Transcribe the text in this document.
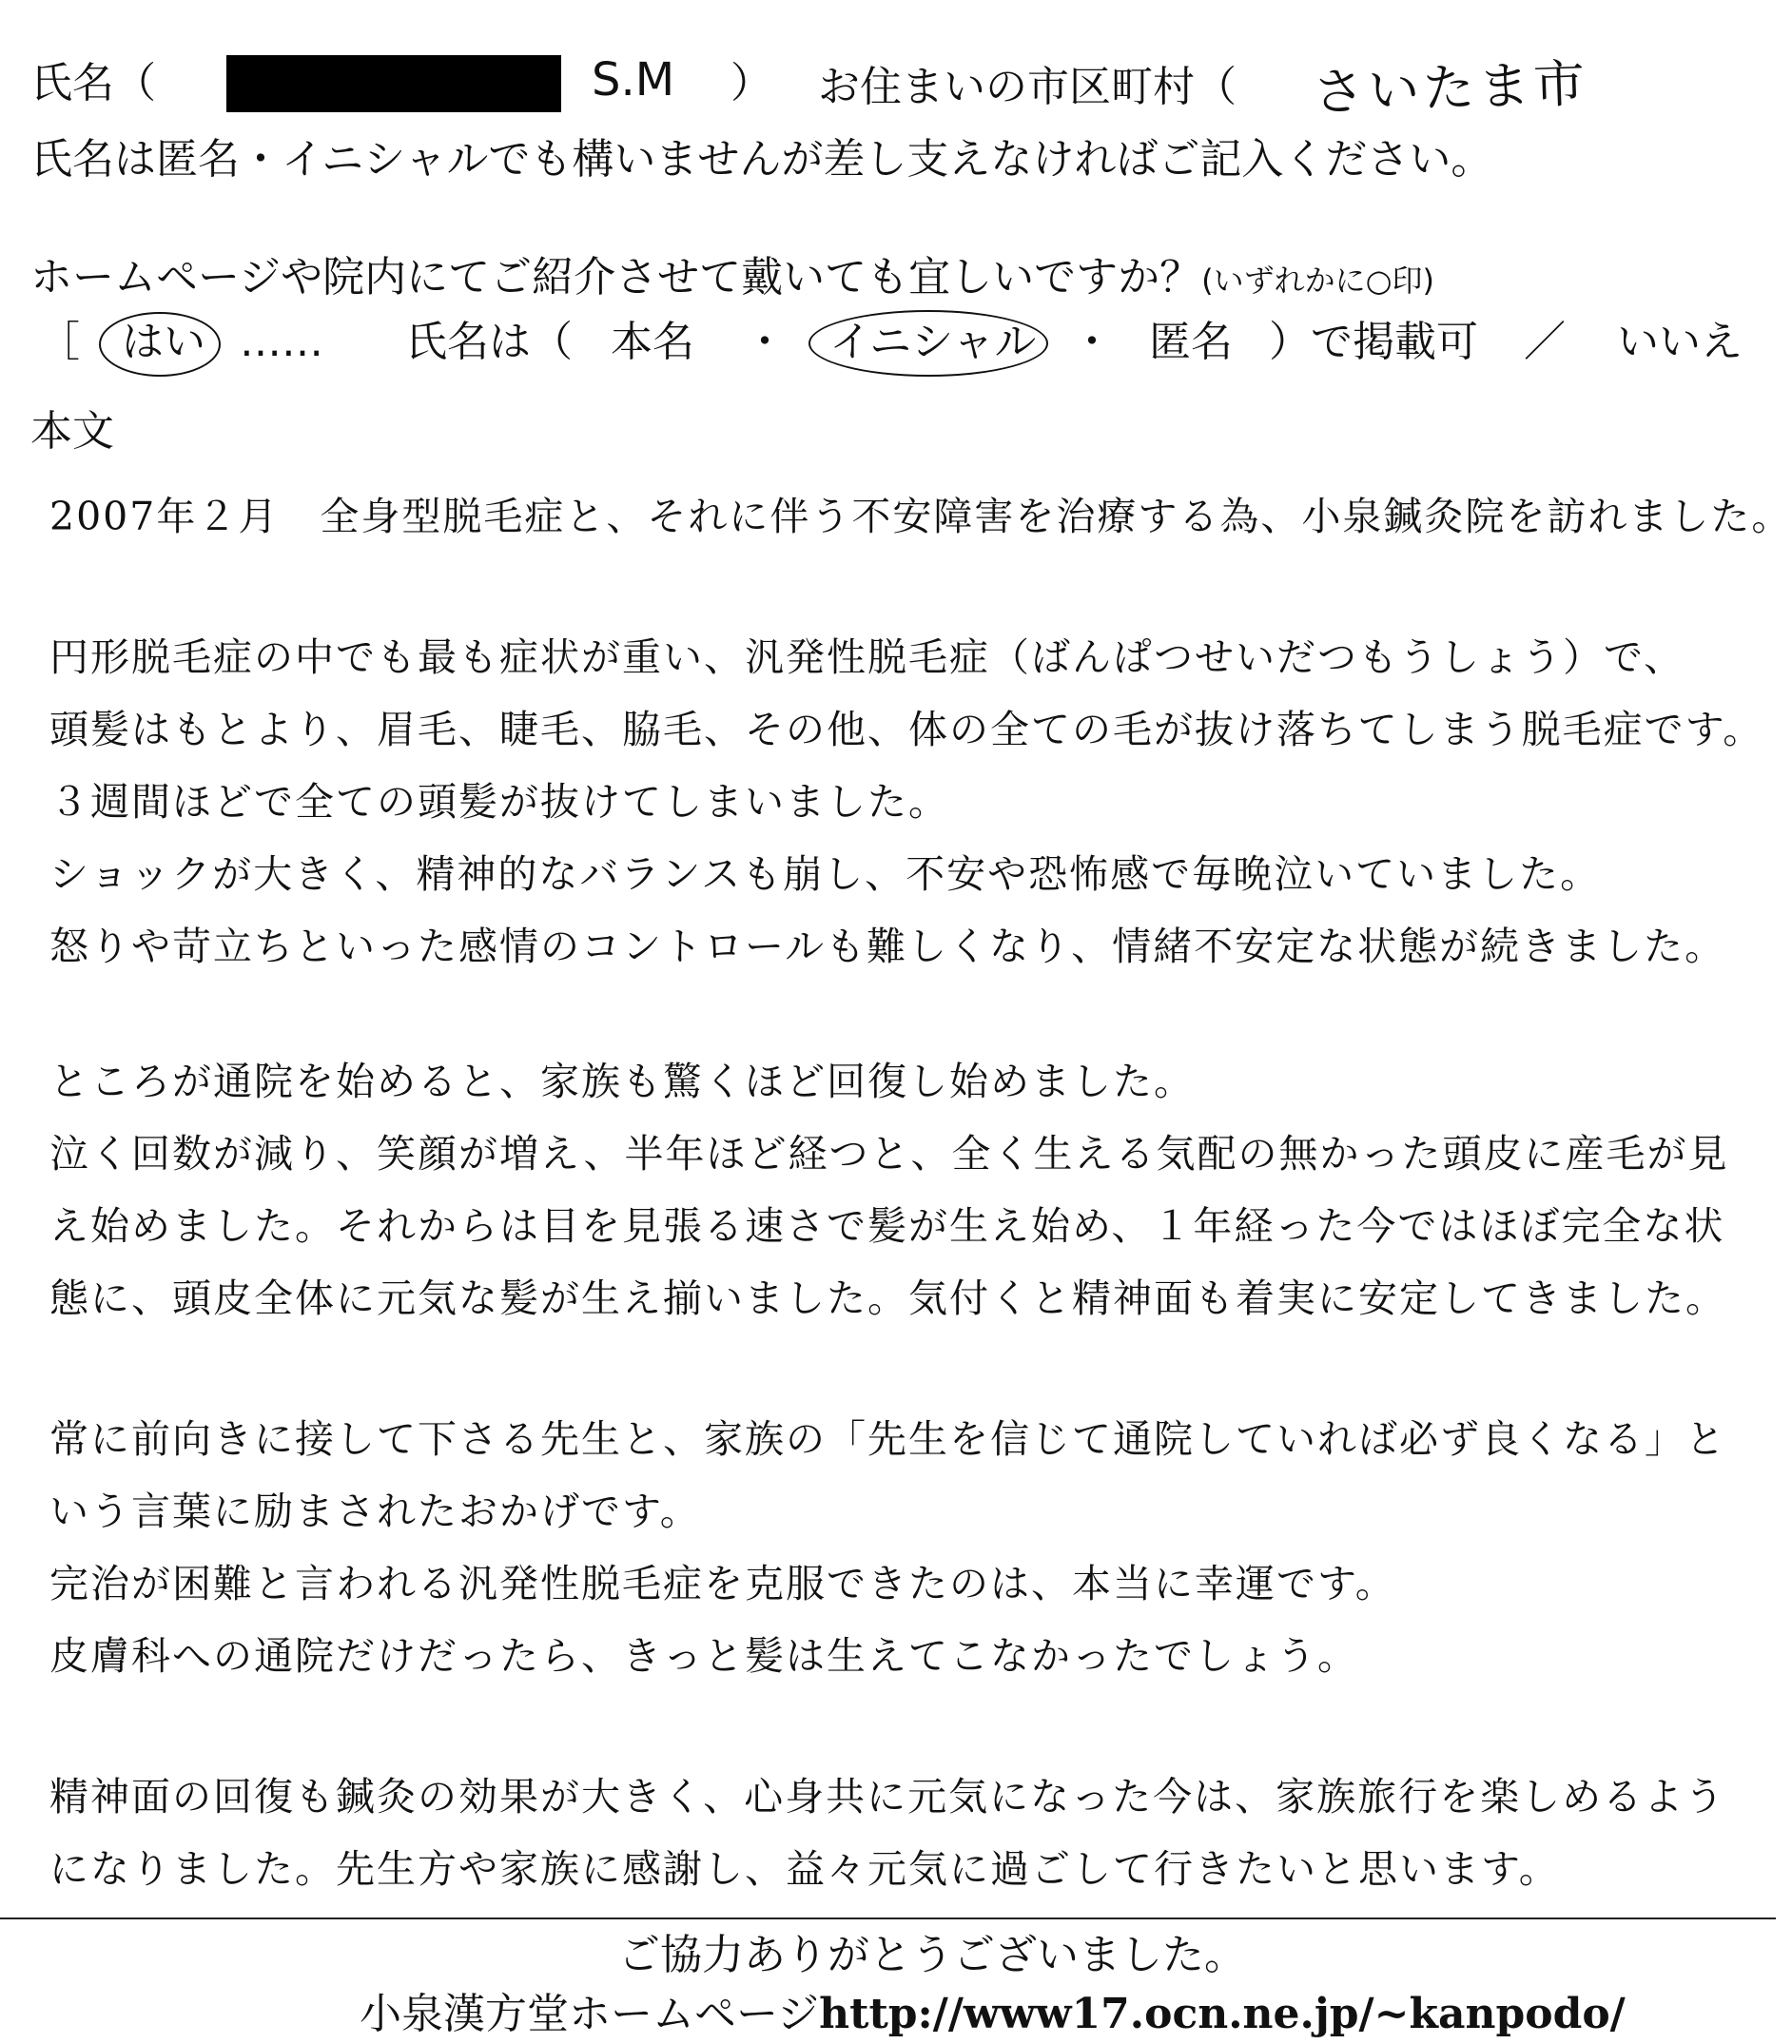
氏名（	S.M ） お住まいの市区町村（ さいたま市
氏名は匿名・イニシャルでも構いませんが差し支えなければご記入ください。
ホームページや院内にてご紹介させて戴いても宜しいですか？(いずれかに○印)
［ はい …… 氏名は（ 本名 ・ イニシャル ・ 匿名 ）で掲載可 ／ いいえ
本文
2007年２月　全身型脱毛症と、それに伴う不安障害を治療する為、小泉鍼灸院を訪れました。
円形脱毛症の中でも最も症状が重い、汎発性脱毛症（ばんぱつせいだつもうしょう）で、
頭髪はもとより、眉毛、睫毛、脇毛、その他、体の全ての毛が抜け落ちてしまう脱毛症です。
３週間ほどで全ての頭髪が抜けてしまいました。
ショックが大きく、精神的なバランスも崩し、不安や恐怖感で毎晩泣いていました。
怒りや苛立ちといった感情のコントロールも難しくなり、情緒不安定な状態が続きました。
ところが通院を始めると、家族も驚くほど回復し始めました。
泣く回数が減り、笑顔が増え、半年ほど経つと、全く生える気配の無かった頭皮に産毛が見
え始めました。それからは目を見張る速さで髪が生え始め、１年経った今ではほぼ完全な状
態に、頭皮全体に元気な髪が生え揃いました。気付くと精神面も着実に安定してきました。
常に前向きに接して下さる先生と、家族の「先生を信じて通院していれば必ず良くなる」と
いう言葉に励まされたおかげです。
完治が困難と言われる汎発性脱毛症を克服できたのは、本当に幸運です。
皮膚科への通院だけだったら、きっと髪は生えてこなかったでしょう。
精神面の回復も鍼灸の効果が大きく、心身共に元気になった今は、家族旅行を楽しめるよう
になりました。先生方や家族に感謝し、益々元気に過ごして行きたいと思います。
ご協力ありがとうございました。
小泉漢方堂ホームページhttp://www17.ocn.ne.jp/~kanpodo/
